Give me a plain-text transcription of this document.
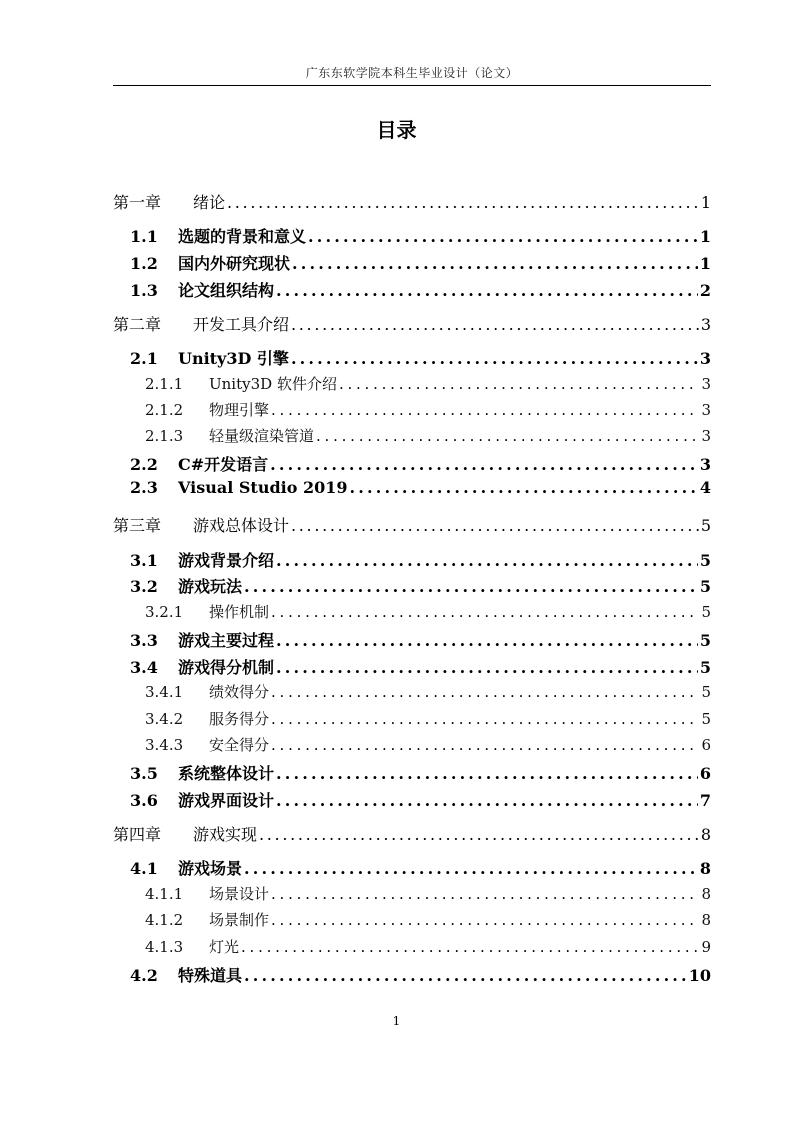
广东东软学院本科生毕业设计（论文）
目录
第一章	绪论 . . .	1
1.1	选题的背景和意义 . . .	1
1.2	国内外研究现状 . . .	1
1.3	论文组织结构 . . .	2
第二章	开发工具介绍 . . .	3
2.1	Unity3D 引擎 . . .	3
2.1.1	Unity3D 软件介绍 . . .	3
2.1.2	物理引擎 . . .	3
2.1.3	轻量级渲染管道 . . .	3
2.2	C#开发语言 . . .	3
2.3	Visual Studio 2019 . . .	4
第三章	游戏总体设计 . . .	5
3.1	游戏背景介绍 . . .	5
3.2	游戏玩法 . . .	5
3.2.1	操作机制 . . .	5
3.3	游戏主要过程 . . .	5
3.4	游戏得分机制 . . .	5
3.4.1	绩效得分 . . .	5
3.4.2	服务得分 . . .	5
3.4.3	安全得分 . . .	6
3.5	系统整体设计 . . .	6
3.6	游戏界面设计 . . .	7
第四章	游戏实现 . . .	8
4.1	游戏场景 . . .	8
4.1.1	场景设计 . . .	8
4.1.2	场景制作 . . .	8
4.1.3	灯光 . . .	9
4.2	特殊道具 . . .	10
1
